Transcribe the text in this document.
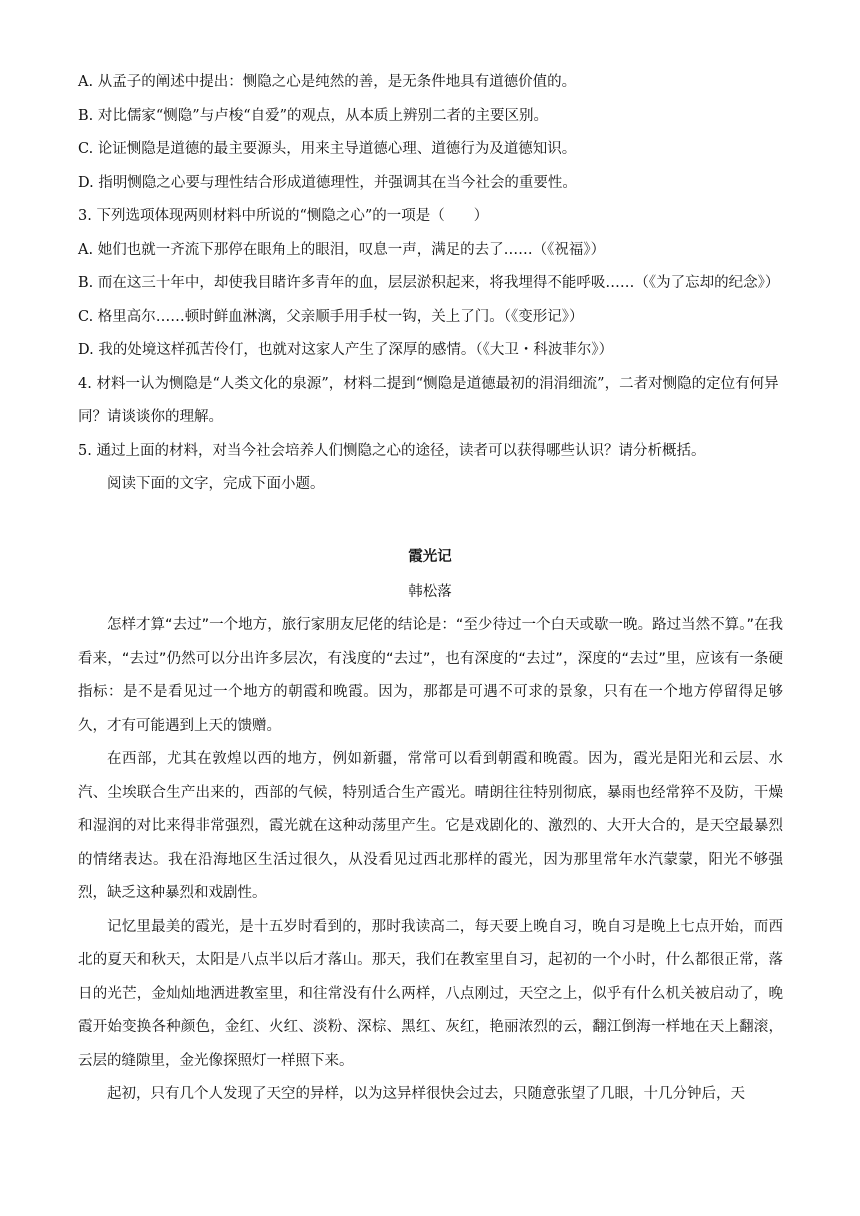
A. 从孟子的阐述中提出：恻隐之心是纯然的善，是无条件地具有道德价值的。

B. 对比儒家“恻隐”与卢梭“自爱”的观点，从本质上辨别二者的主要区别。

C. 论证恻隐是道德的最主要源头，用来主导道德心理、道德行为及道德知识。

D. 指明恻隐之心要与理性结合形成道德理性，并强调其在当今社会的重要性。

3. 下列选项体现两则材料中所说的“恻隐之心”的一项是（　　）

A. 她们也就一齐流下那停在眼角上的眼泪，叹息一声，满足的去了……（《祝福》）

B. 而在这三十年中，却使我目睹许多青年的血，层层淤积起来，将我埋得不能呼吸……（《为了忘却的纪念》）

C. 格里高尔……顿时鲜血淋漓，父亲顺手用手杖一钩，关上了门。（《变形记》）

D. 我的处境这样孤苦伶仃，也就对这家人产生了深厚的感情。（《大卫・科波菲尔》）

4. 材料一认为恻隐是“人类文化的泉源”，材料二提到“恻隐是道德最初的涓涓细流”，二者对恻隐的定位有何异同？请谈谈你的理解。

5. 通过上面的材料，对当今社会培养人们恻隐之心的途径，读者可以获得哪些认识？请分析概括。

阅读下面的文字，完成下面小题。

霞光记
韩松落

怎样才算“去过”一个地方，旅行家朋友尼佬的结论是：“至少待过一个白天或歇一晚。路过当然不算。”在我看来，“去过”仍然可以分出许多层次，有浅度的“去过”，也有深度的“去过”，深度的“去过”里，应该有一条硬指标：是不是看见过一个地方的朝霞和晚霞。因为，那都是可遇不可求的景象，只有在一个地方停留得足够久，才有可能遇到上天的馈赠。

在西部，尤其在敦煌以西的地方，例如新疆，常常可以看到朝霞和晚霞。因为，霞光是阳光和云层、水汽、尘埃联合生产出来的，西部的气候，特别适合生产霞光。晴朗往往特别彻底，暴雨也经常猝不及防，干燥和湿润的对比来得非常强烈，霞光就在这种动荡里产生。它是戏剧化的、激烈的、大开大合的，是天空最暴烈的情绪表达。我在沿海地区生活过很久，从没看见过西北那样的霞光，因为那里常年水汽蒙蒙，阳光不够强烈，缺乏这种暴烈和戏剧性。

记忆里最美的霞光，是十五岁时看到的，那时我读高二，每天要上晚自习，晚自习是晚上七点开始，而西北的夏天和秋天，太阳是八点半以后才落山。那天，我们在教室里自习，起初的一个小时，什么都很正常，落日的光芒，金灿灿地洒进教室里，和往常没有什么两样，八点刚过，天空之上，似乎有什么机关被启动了，晚霞开始变换各种颜色，金红、火红、淡粉、深棕、黑红、灰红，艳丽浓烈的云，翻江倒海一样地在天上翻滚，云层的缝隙里，金光像探照灯一样照下来。

起初，只有几个人发现了天空的异样，以为这异样很快会过去，只随意张望了几眼，十几分钟后，天
